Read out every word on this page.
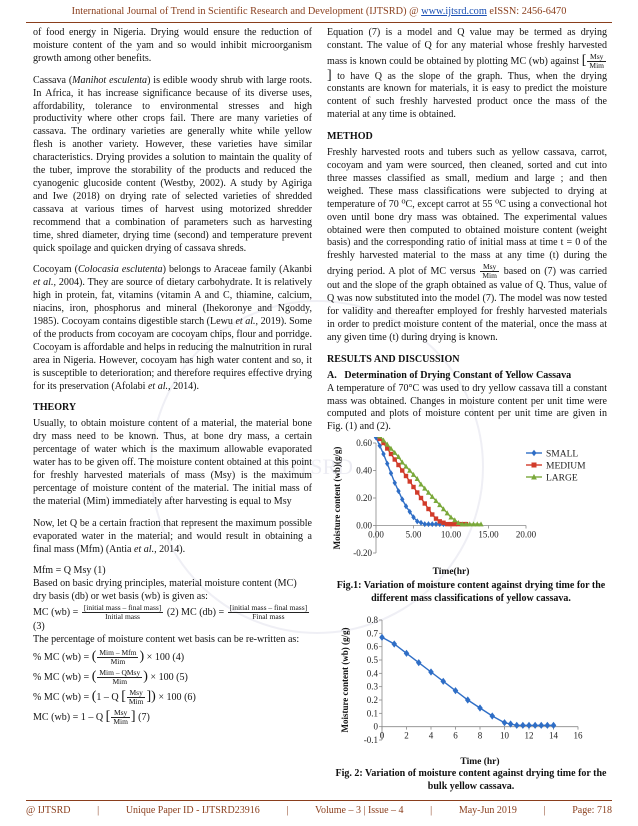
International Journal of Trend in Scientific Research and Development (IJTSRD) @ www.ijtsrd.com eISSN: 2456-6470
IJTSRD

of food energy in Nigeria. Drying would ensure the reduction of moisture content of the yam and so would inhibit microorganism growth among other benefits.

Cassava (Manihot esculenta) is edible woody shrub with large roots. In Africa, it has increase significance because of its diverse uses, affordability, tolerance to environmental stresses and high productivity where other crops fail. There are many varieties of cassava. The ordinary varieties are generally white while yellow flesh is another variety. However, these varieties have similar characteristics. Drying provides a solution to maintain the quality of the tuber, improve the storability of the products and reduced the cyanogenic glucoside content (Westby, 2002). A study by Agiriga and Iwe (2018) on drying rate of selected varieties of shredded cassava at various times of harvest using motorized shredder recommend that a combination of parameters such as harvesting time, shred diameter, drying time (second) and temperature prevent quick spoilage and quicken drying of cassava shreds.

Cocoyam (Colocasia esclutenta) belongs to Araceae family (Akanbi et al., 2004). They are source of dietary carbohydrate. It is relatively high in protein, fat, vitamins (vitamin A and C, thiamine, calcium, niacins, iron, phosphorus and mineral (Ihekoronye and Ngoddy, 1985). Cocoyam contains digestible starch (Lewu et al., 2019). Some of the products from cocoyam are cocoyam chips, flour and porridge. Cocoyam is affordable and helps in reducing the malnutrition in rural area in Nigeria. However, cocoyam has high water content and so, it is susceptible to deterioration; and therefore requires effective drying for its preservation (Afolabi et al., 2014).

THEORY

Usually, to obtain moisture content of a material, the material bone dry mass need to be known. Thus, at bone dry mass, a certain percentage of water which is the maximum allowable evaporated water has to be given off. The moisture content obtained at this point for freshly harvested materials of mass (Msy) is the maximum percentage of moisture content of the material. The initial mass of the material (Mim) immediately after harvesting is equal to Msy

Now, let Q be a certain fraction that represent the maximum possible evaporated water in the material; and would result in obtaining a final mass (Mfm) (Antia et al., 2014).

Mfm = Q Msy (1)
Based on basic drying principles, material moisture content (MC) dry basis (db) or wet basis (wb) is given as:
MC $(wb) = \frac{\text{[initial mass – final mass]}}{\text{Initial mass}} (2)$ MC $(db) = \frac{\text{[initial mass – final mass]}}{\text{Final mass}}$
(3)
The percentage of moisture content wet basis can be re-written as:
% MC (wb) = ( $\frac{\text{Mim – Mfm}}{\text{Mim}}$ ) × 100 (4)
% MC (wb) = ( $\frac{\text{Mim – QMsy}}{\text{Mim}}$ ) × 100 (5)
% MC (wb) = (1 – Q [ $\frac{\text{Msy}}{\text{Mim}}$ ]) × 100 (6)
MC (wb) = 1 – Q [ $\frac{\text{Msy}}{\text{Mim}}$ ] (7)

Equation (7) is a model and Q value may be termed as drying constant. The value of Q for any material whose freshly harvested mass is known could be obtained by plotting MC (wb) against [ $\frac{\text{Msy}}{\text{Mim}}$
] to have Q as the slope of the graph. Thus, when the drying constants are known for materials, it is easy to predict the moisture content of such freshly harvested product once the mass of the material at any time is obtained.

METHOD

Freshly harvested roots and tubers such as yellow cassava, carrot, cocoyam and yam were sourced, then cleaned, sorted and cut into three masses classified as small, medium and large ; and then weighed. These mass classifications were subjected to drying at temperature of 70 ⁰C, except carrot at 55 ⁰C using a convectional hot oven until bone dry mass was obtained. The experimental values obtained were then computed to obtained moisture content (weight basis) and the corresponding ratio of initial mass at time t = 0 of the freshly harvested material to the mass at any time (t) during the drying period. A plot of MC versus $\frac{\text{Msy}}{\text{Mim}}$ based on (7) was carried out and the slope of the graph obtained as value of Q. Thus, value of Q was now substituted into the model (7). The model was now tested for validity and thereafter employed for freshly harvested materials in order to predict moisture content of the material, once the mass at any given time (t) during drying is known.

RESULTS AND DISCUSSION
A. Determination of Drying Constant of Yellow Cassava

A temperature of 70°C was used to dry yellow cassava till a constant mass was obtained. Changes in moisture content per unit time were computed and plots of moisture content per unit time are given in Fig. (1) and (2).

-0.20
0.00
0.20
0.40
0.60
0.00 5.00 10.00 15.00 20.00
Time(hr)
Moisture content (wb)(g/g)	SMALL
MEDIUM
LARGE
Fig.1: Variation of moisture content against drying time for the different mass classifications of yellow cassava.
-0.1
0
0.1
0.2
0.3
0.4
0.5
0.6
0.7
0.8
0 2 4 6 8 10 12 14 16
Time (hr)
Moisture content (wb) (g/g)
Fig. 2: Variation of moisture content against drying time for the bulk yellow cassava.
@ IJTSRD	|	Unique Paper ID - IJTSRD23916	|	Volume – 3 | Issue – 4	|	May-Jun 2019	|	Page: 718
